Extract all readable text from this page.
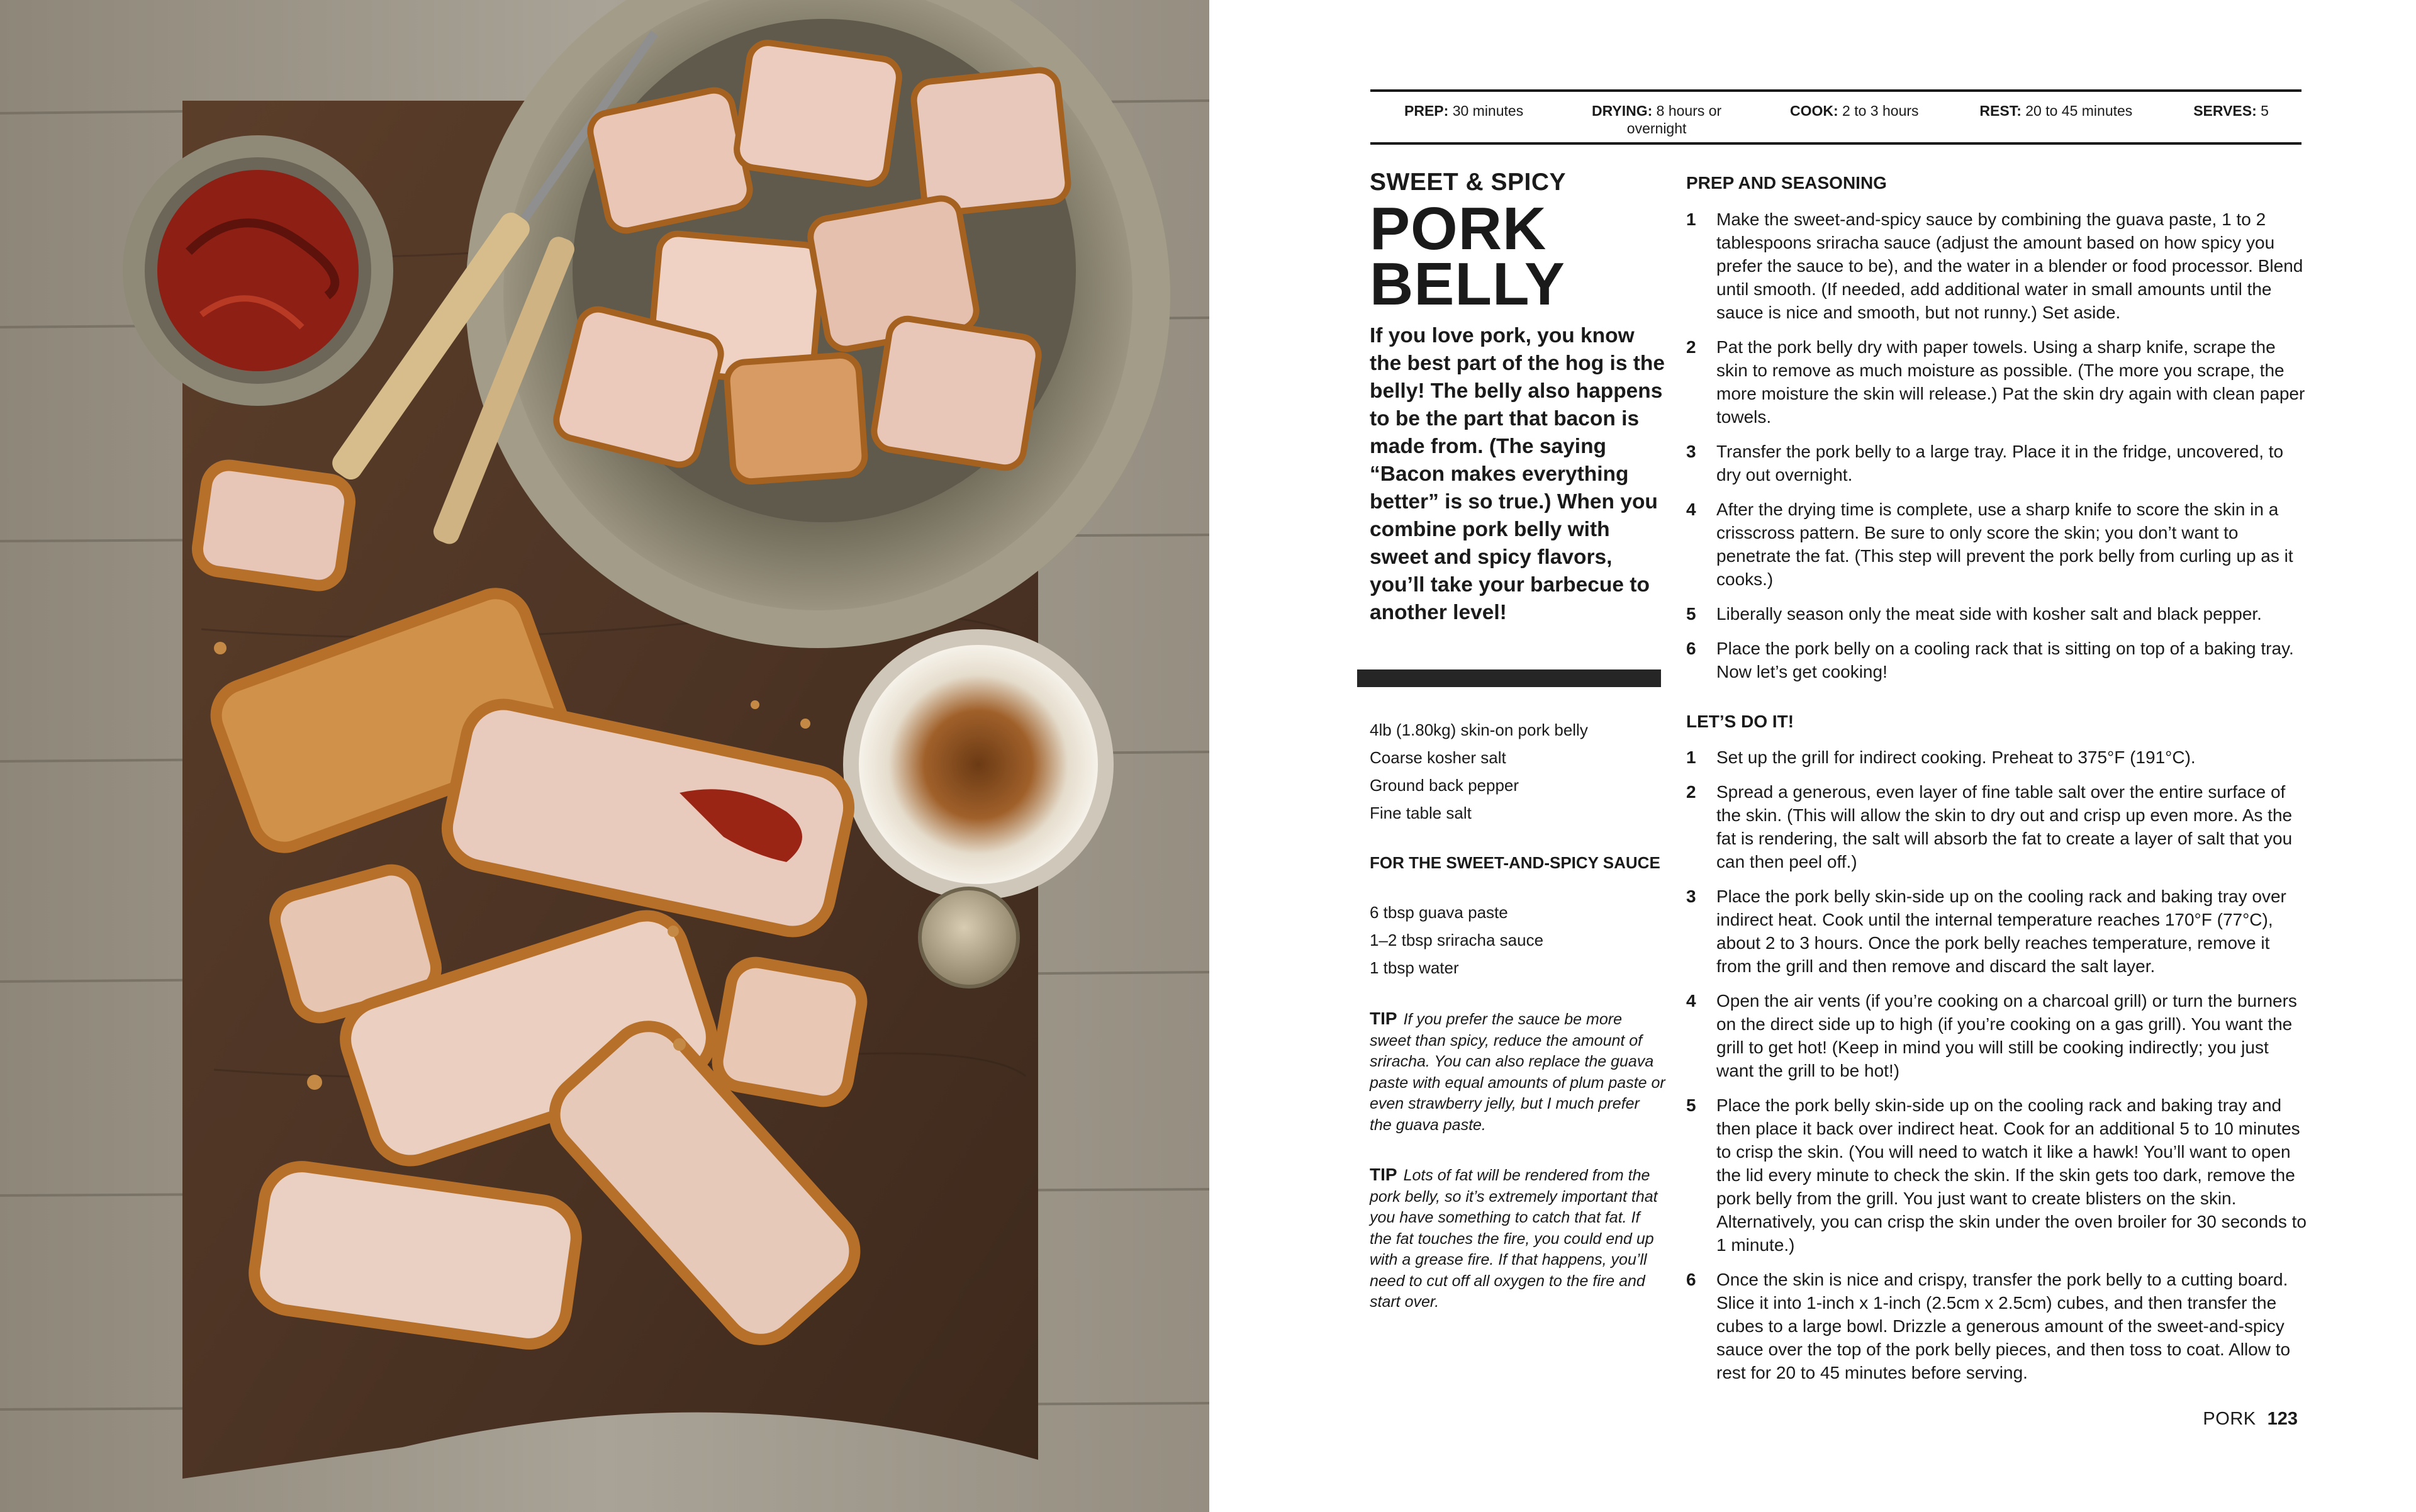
PREP: 30 minutes	DRYING: 8 hours or overnight
COOK: 2 to 3 hours	REST: 20 to 45 minutes	SERVES: 5
SWEET & SPICY
PORK
BELLY
If you love pork, you know the best part of the hog is the belly! The belly also happens to be the part that bacon is made from. (The saying “Bacon makes everything better” is so true.) When you combine pork belly with sweet and spicy flavors, you’ll take your barbecue to another level!
4lb (1.80kg) skin-on pork belly
Coarse kosher salt
Ground back pepper
Fine table salt
FOR THE SWEET-AND-SPICY SAUCE
6 tbsp guava paste
1–2 tbsp sriracha sauce
1 tbsp water
TIP If you prefer the sauce be more sweet than spicy, reduce the amount of sriracha. You can also replace the guava paste with equal amounts of plum paste or even strawberry jelly, but I much prefer the guava paste.
TIP Lots of fat will be rendered from the pork belly, so it’s extremely important that you have something to catch that fat. If the fat touches the fire, you could end up with a grease fire. If that happens, you’ll need to cut off all oxygen to the fire and start over.
PREP AND SEASONING
1	Make the sweet-and-spicy sauce by combining the guava paste, 1 to 2 tablespoons sriracha sauce (adjust the amount based on how spicy you prefer the sauce to be), and the water in a blender or food processor. Blend until smooth. (If needed, add additional water in small amounts until the sauce is nice and smooth, but not runny.) Set aside.
2	Pat the pork belly dry with paper towels. Using a sharp knife, scrape the skin to remove as much moisture as possible. (The more you scrape, the more moisture the skin will release.) Pat the skin dry again with clean paper towels.
3	Transfer the pork belly to a large tray. Place it in the fridge, uncovered, to dry out overnight.
4	After the drying time is complete, use a sharp knife to score the skin in a crisscross pattern. Be sure to only score the skin; you don’t want to penetrate the fat. (This step will prevent the pork belly from curling up as it cooks.)
5	Liberally season only the meat side with kosher salt and black pepper.
6	Place the pork belly on a cooling rack that is sitting on top of a baking tray. Now let’s get cooking!
LET’S DO IT!
1	Set up the grill for indirect cooking. Preheat to 375°F (191°C).
2	Spread a generous, even layer of fine table salt over the entire surface of the skin. (This will allow the skin to dry out and crisp up even more. As the fat is rendering, the salt will absorb the fat to create a layer of salt that you can then peel off.)
3	Place the pork belly skin-side up on the cooling rack and baking tray over indirect heat. Cook until the internal temperature reaches 170°F (77°C), about 2 to 3 hours. Once the pork belly reaches temperature, remove it from the grill and then remove and discard the salt layer.
4	Open the air vents (if you’re cooking on a charcoal grill) or turn the burners on the direct side up to high (if you’re cooking on a gas grill). You want the grill to get hot! (Keep in mind you will still be cooking indirectly; you just want the grill to be hot!)
5	Place the pork belly skin-side up on the cooling rack and baking tray and then place it back over indirect heat. Cook for an additional 5 to 10 minutes to crisp the skin. (You will need to watch it like a hawk! You’ll want to open the lid every minute to check the skin. If the skin gets too dark, remove the pork belly from the grill. You just want to create blisters on the skin. Alternatively, you can crisp the skin under the oven broiler for 30 seconds to 1 minute.)
6	Once the skin is nice and crispy, transfer the pork belly to a cutting board. Slice it into 1-inch x 1-inch (2.5cm x 2.5cm) cubes, and then transfer the cubes to a large bowl. Drizzle a generous amount of the sweet-and-spicy sauce over the top of the pork belly pieces, and then toss to coat. Allow to rest for 20 to 45 minutes before serving.
PORK 123
